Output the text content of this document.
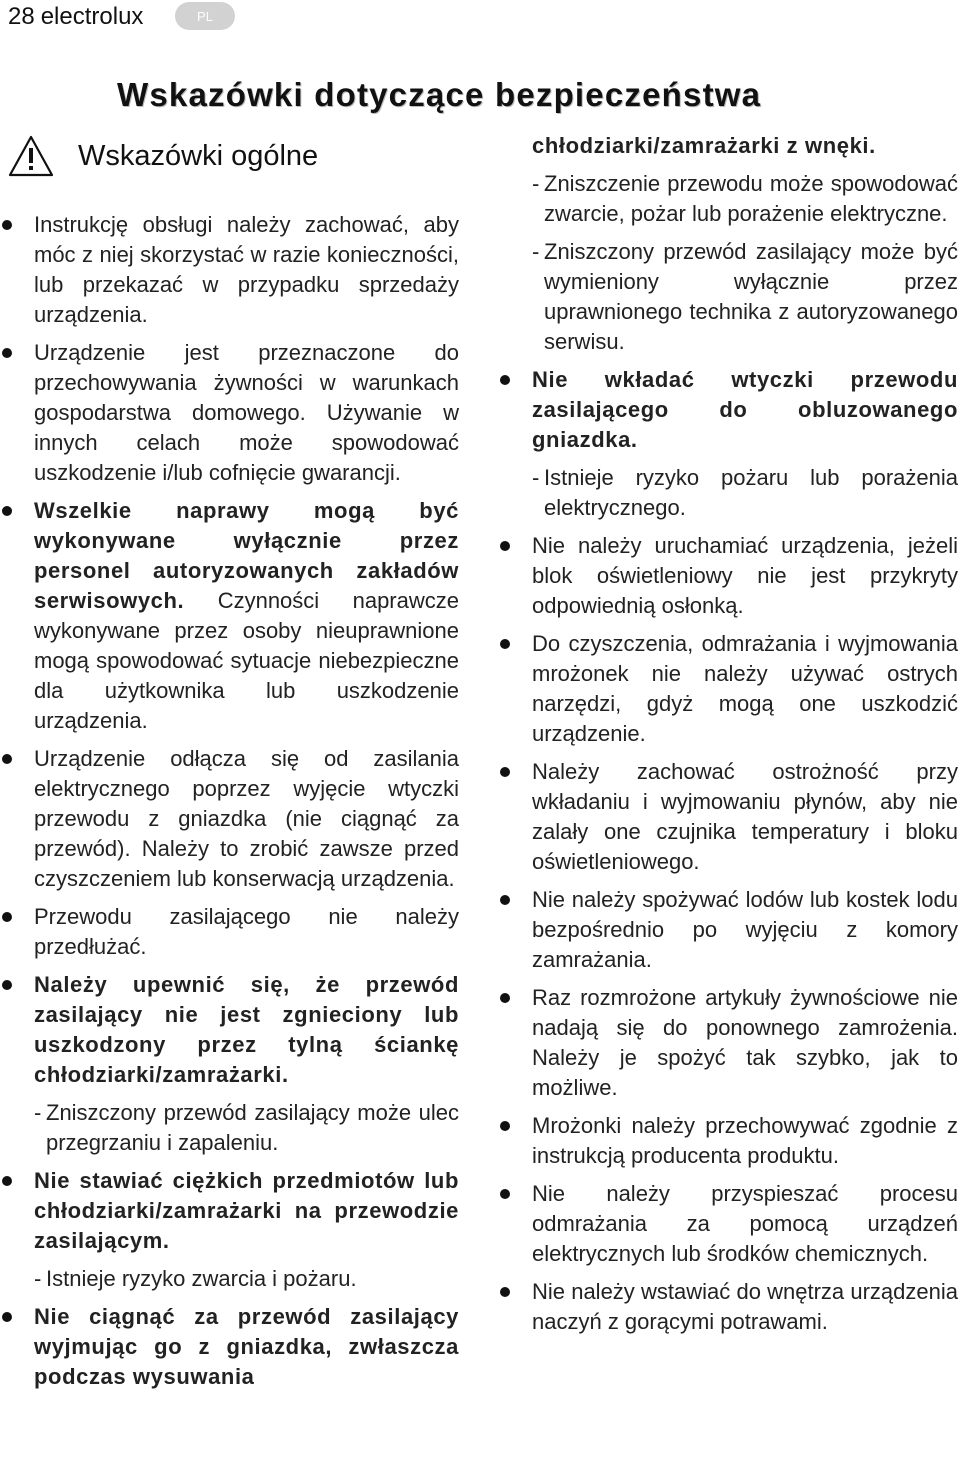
28 electrolux	PL
Wskazówki dotyczące bezpieczeństwa
Wskazówki ogólne
Instrukcję obsługi należy zachować, aby móc z niej skorzystać w razie konieczności, lub przekazać w przypadku sprzedaży urządzenia.
Urządzenie jest przeznaczone do przechowywania żywności w warunkach gospodarstwa domowego. Używanie w innych celach może spowodować uszkodzenie i/lub cofnięcie gwarancji.
Wszelkie naprawy mogą być wykonywane wyłącznie przez personel autoryzowanych zakładów serwisowych. Czynności naprawcze wykonywane przez osoby nieuprawnione mogą spowodować sytuacje niebezpieczne dla użytkownika lub uszkodzenie urządzenia.
Urządzenie odłącza się od zasilania elektrycznego poprzez wyjęcie wtyczki przewodu z gniazdka (nie ciągnąć za przewód). Należy to zrobić zawsze przed czyszczeniem lub konserwacją urządzenia.
Przewodu zasilającego nie należy przedłużać.
Należy upewnić się, że przewód zasilający nie jest zgnieciony lub uszkodzony przez tylną ściankę chłodziarki/zamrażarki.
- Zniszczony przewód zasilający może ulec przegrzaniu i zapaleniu.
Nie stawiać ciężkich przedmiotów lub chłodziarki/zamrażarki na przewodzie zasilającym.
- Istnieje ryzyko zwarcia i pożaru.
Nie ciągnąć za przewód zasilający wyjmując go z gniazdka, zwłaszcza podczas wysuwania
chłodziarki/zamrażarki z wnęki.
- Zniszczenie przewodu może spowodować zwarcie, pożar lub porażenie elektryczne.
- Zniszczony przewód zasilający może być wymieniony wyłącznie przez uprawnionego technika z autoryzowanego serwisu.
Nie wkładać wtyczki przewodu zasilającego do obluzowanego gniazdka.
- Istnieje ryzyko pożaru lub porażenia elektrycznego.
Nie należy uruchamiać urządzenia, jeżeli blok oświetleniowy nie jest przykryty odpowiednią osłonką.
Do czyszczenia, odmrażania i wyjmowania mrożonek nie należy używać ostrych narzędzi, gdyż mogą one uszkodzić urządzenie.
Należy zachować ostrożność przy wkładaniu i wyjmowaniu płynów, aby nie zalały one czujnika temperatury i bloku oświetleniowego.
Nie należy spożywać lodów lub kostek lodu bezpośrednio po wyjęciu z komory zamrażania.
Raz rozmrożone artykuły żywnościowe nie nadają się do ponownego zamrożenia. Należy je spożyć tak szybko, jak to możliwe.
Mrożonki należy przechowywać zgodnie z instrukcją producenta produktu.
Nie należy przyspieszać procesu odmrażania za pomocą urządzeń elektrycznych lub środków chemicznych.
Nie należy wstawiać do wnętrza urządzenia naczyń z gorącymi potrawami.
